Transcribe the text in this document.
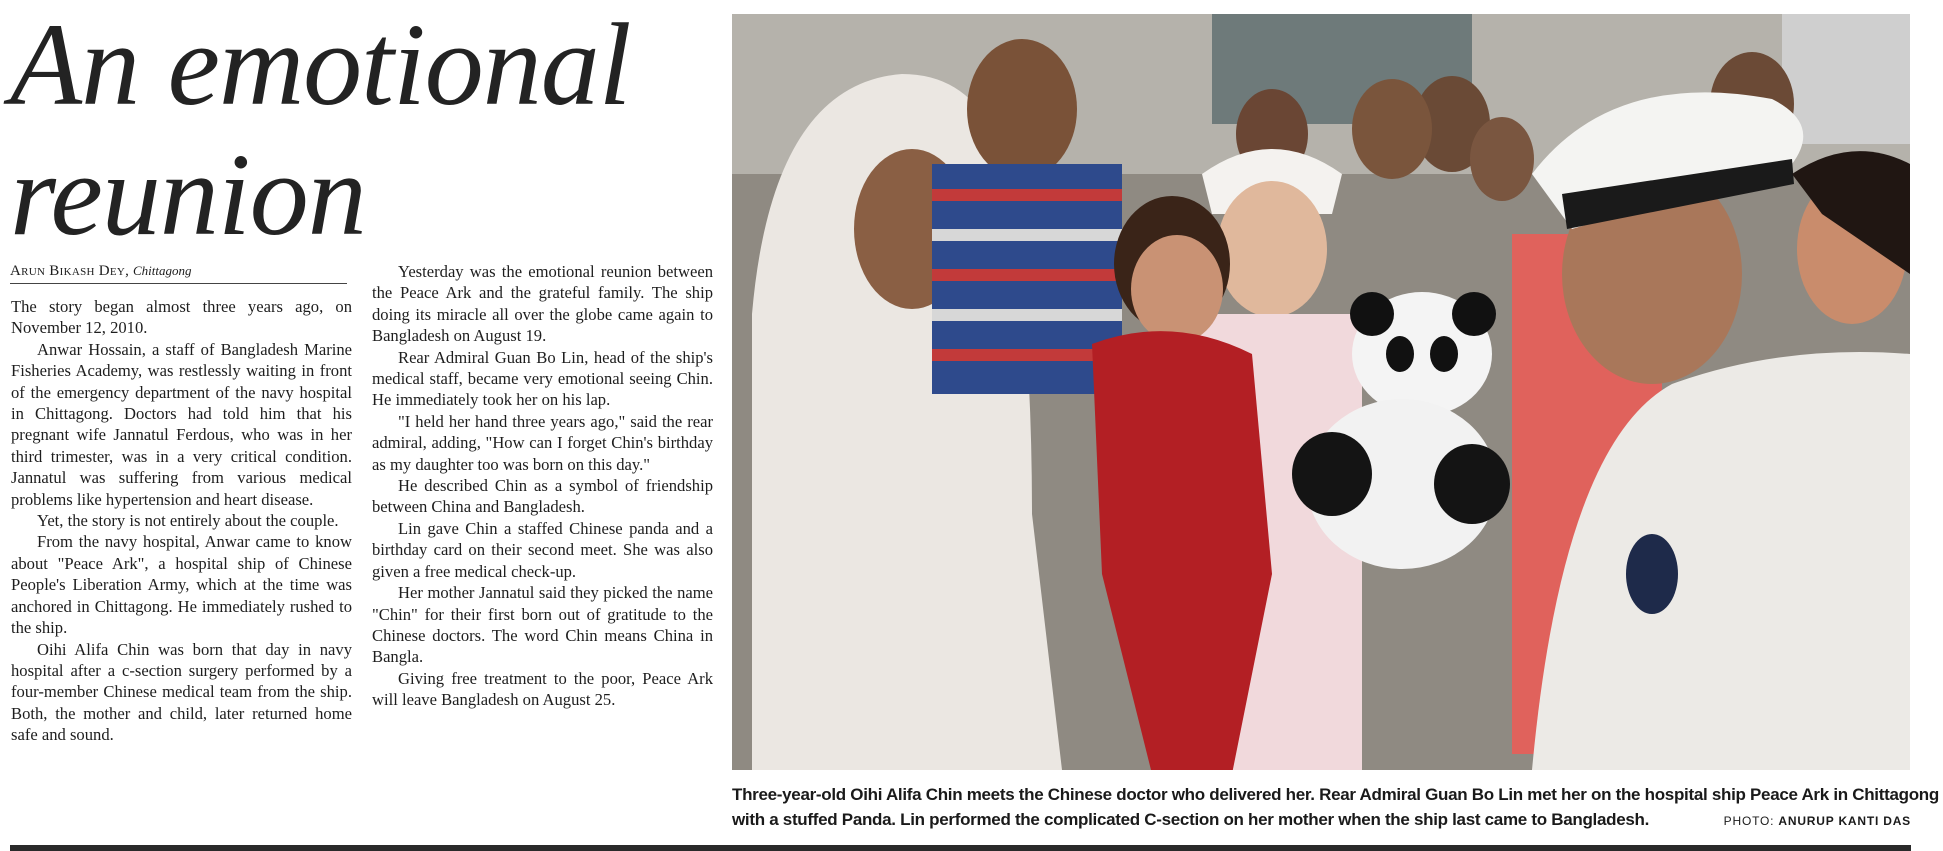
An emotional reunion
Arun Bikash Dey, Chittagong

The story began almost three years ago, on November 12, 2010.

Anwar Hossain, a staff of Bangladesh Marine Fisheries Academy, was restlessly waiting in front of the emergency department of the navy hospital in Chittagong. Doctors had told him that his pregnant wife Jannatul Ferdous, who was in her third trimester, was in a very critical condition. Jannatul was suffering from various medical problems like hypertension and heart disease.

Yet, the story is not entirely about the couple.

From the navy hospital, Anwar came to know about "Peace Ark", a hospital ship of Chinese People's Liberation Army, which at the time was anchored in Chittagong. He immediately rushed to the ship.

Oihi Alifa Chin was born that day in navy hospital after a c-section surgery performed by a four-member Chinese medical team from the ship. Both, the mother and child, later returned home safe and sound.

Yesterday was the emotional reunion between the Peace Ark and the grateful family. The ship doing its miracle all over the globe came again to Bangladesh on August 19.

Rear Admiral Guan Bo Lin, head of the ship's medical staff, became very emotional seeing Chin. He immediately took her on his lap.

"I held her hand three years ago," said the rear admiral, adding, "How can I forget Chin's birthday as my daughter too was born on this day."

He described Chin as a symbol of friendship between China and Bangladesh.

Lin gave Chin a staffed Chinese panda and a birthday card on their second meet. She was also given a free medical check-up.

Her mother Jannatul said they picked the name "Chin" for their first born out of gratitude to the Chinese doctors. The word Chin means China in Bangla.

Giving free treatment to the poor, Peace Ark will leave Bangladesh on August 25.

Three-year-old Oihi Alifa Chin meets the Chinese doctor who delivered her. Rear Admiral Guan Bo Lin met her on the hospital ship Peace Ark in Chittagong
with a stuffed Panda. Lin performed the complicated C-section on her mother when the ship last came to Bangladesh.	PHOTO: ANURUP KANTI DAS
